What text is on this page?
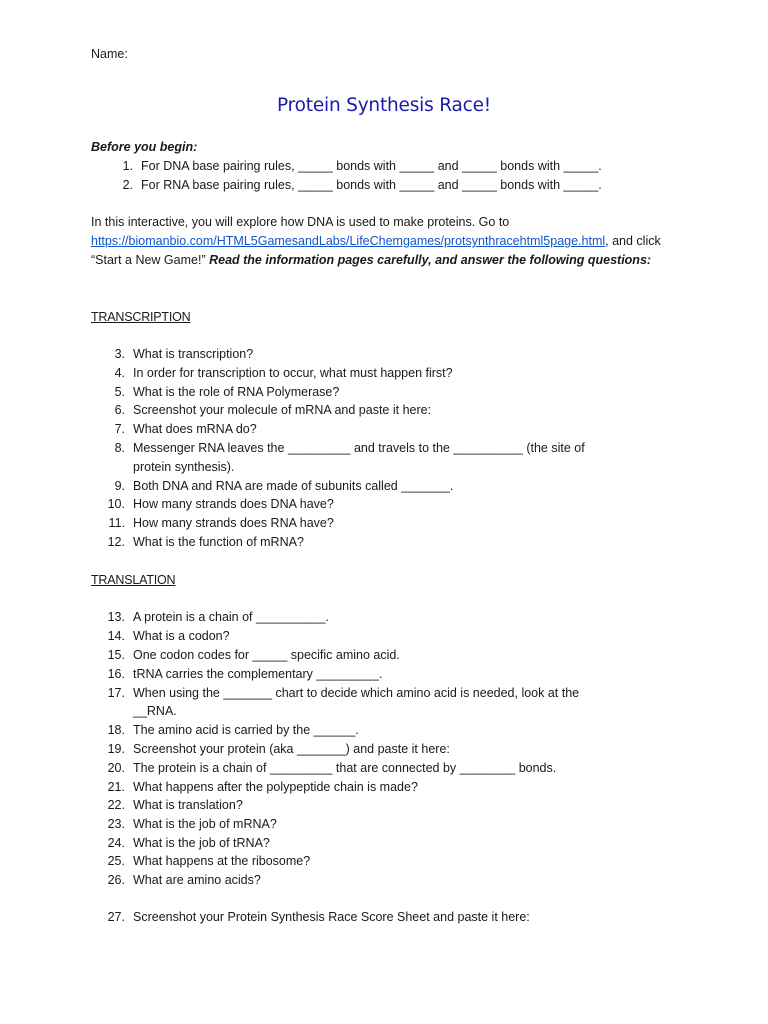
Name:
Protein Synthesis Race!
Before you begin:
1. For DNA base pairing rules, _____ bonds with _____ and _____ bonds with _____.
2. For RNA base pairing rules, _____ bonds with _____ and _____ bonds with _____.
In this interactive, you will explore how DNA is used to make proteins. Go to https://biomanbio.com/HTML5GamesandLabs/LifeChemgames/protsynthracehtml5page.html, and click “Start a New Game!” Read the information pages carefully, and answer the following questions:
TRANSCRIPTION
3. What is transcription?
4. In order for transcription to occur, what must happen first?
5. What is the role of RNA Polymerase?
6. Screenshot your molecule of mRNA and paste it here:
7. What does mRNA do?
8. Messenger RNA leaves the _________ and travels to the __________ (the site of
protein synthesis).
9. Both DNA and RNA are made of subunits called _______.
10. How many strands does DNA have?
11. How many strands does RNA have?
12. What is the function of mRNA?
TRANSLATION
13. A protein is a chain of __________.
14. What is a codon?
15. One codon codes for _____ specific amino acid.
16. tRNA carries the complementary _________.
17. When using the _______ chart to decide which amino acid is needed, look at the
__RNA.
18. The amino acid is carried by the ______.
19. Screenshot your protein (aka _______) and paste it here:
20. The protein is a chain of _________ that are connected by ________ bonds.
21. What happens after the polypeptide chain is made?
22. What is translation?
23. What is the job of mRNA?
24. What is the job of tRNA?
25. What happens at the ribosome?
26. What are amino acids?
27. Screenshot your Protein Synthesis Race Score Sheet and paste it here:
